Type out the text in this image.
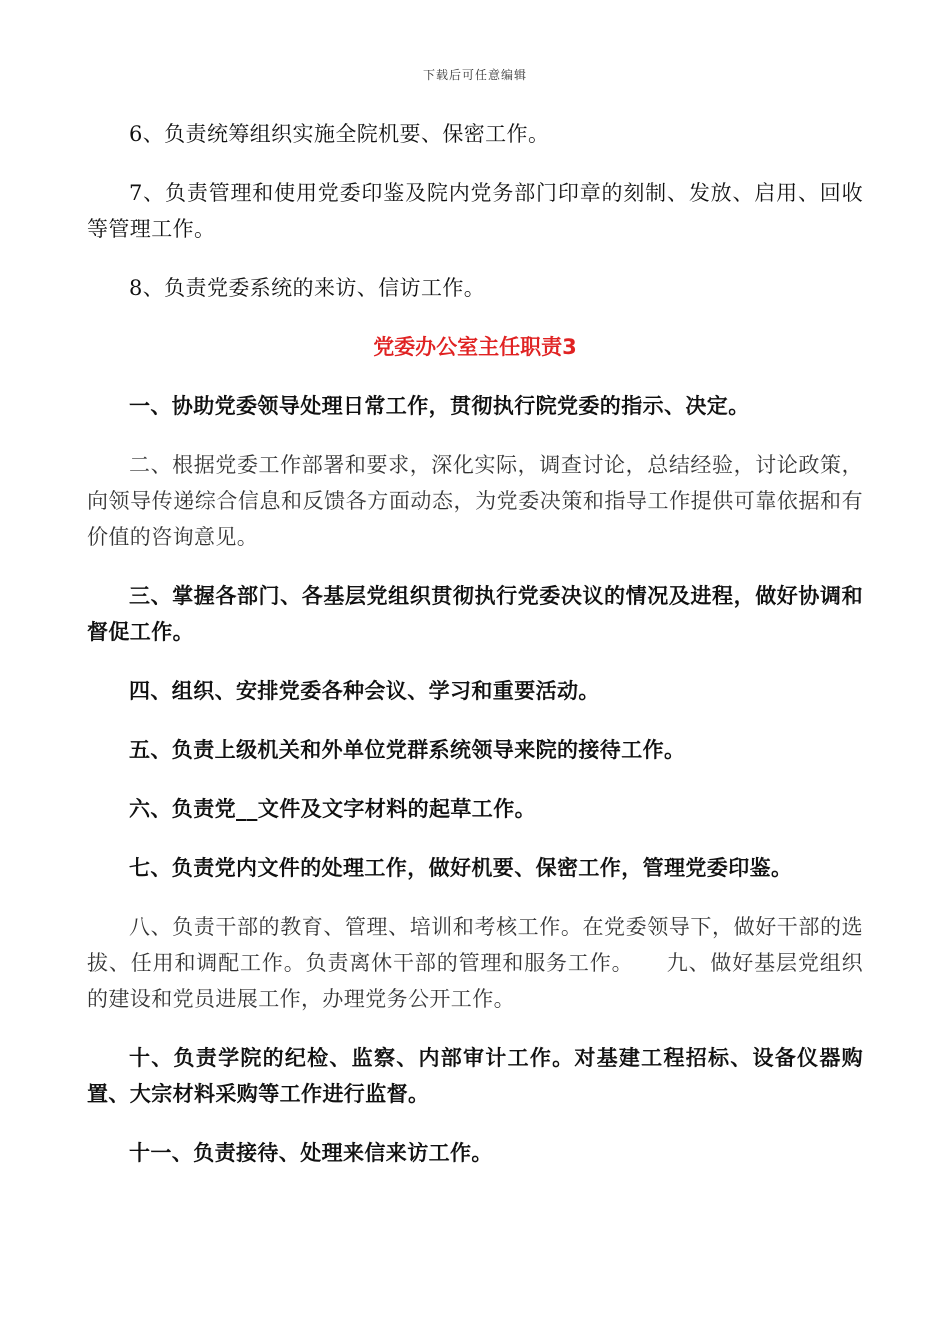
下载后可任意编辑

6、负责统筹组织实施全院机要、保密工作。

7、负责管理和使用党委印鉴及院内党务部门印章的刻制、发放、启用、回收等管理工作。

8、负责党委系统的来访、信访工作。

党委办公室主任职责3

一、协助党委领导处理日常工作，贯彻执行院党委的指示、决定。

二、根据党委工作部署和要求，深化实际，调查讨论，总结经验，讨论政策，向领导传递综合信息和反馈各方面动态，为党委决策和指导工作提供可靠依据和有价值的咨询意见。

三、掌握各部门、各基层党组织贯彻执行党委决议的情况及进程，做好协调和督促工作。

四、组织、安排党委各种会议、学习和重要活动。

五、负责上级机关和外单位党群系统领导来院的接待工作。

六、负责党__文件及文字材料的起草工作。

七、负责党内文件的处理工作，做好机要、保密工作，管理党委印鉴。

八、负责干部的教育、管理、培训和考核工作。在党委领导下，做好干部的选拔、任用和调配工作。负责离休干部的管理和服务工作。　　九、做好基层党组织的建设和党员进展工作，办理党务公开工作。

十、负责学院的纪检、监察、内部审计工作。对基建工程招标、设备仪器购置、大宗材料采购等工作进行监督。

十一、负责接待、处理来信来访工作。
